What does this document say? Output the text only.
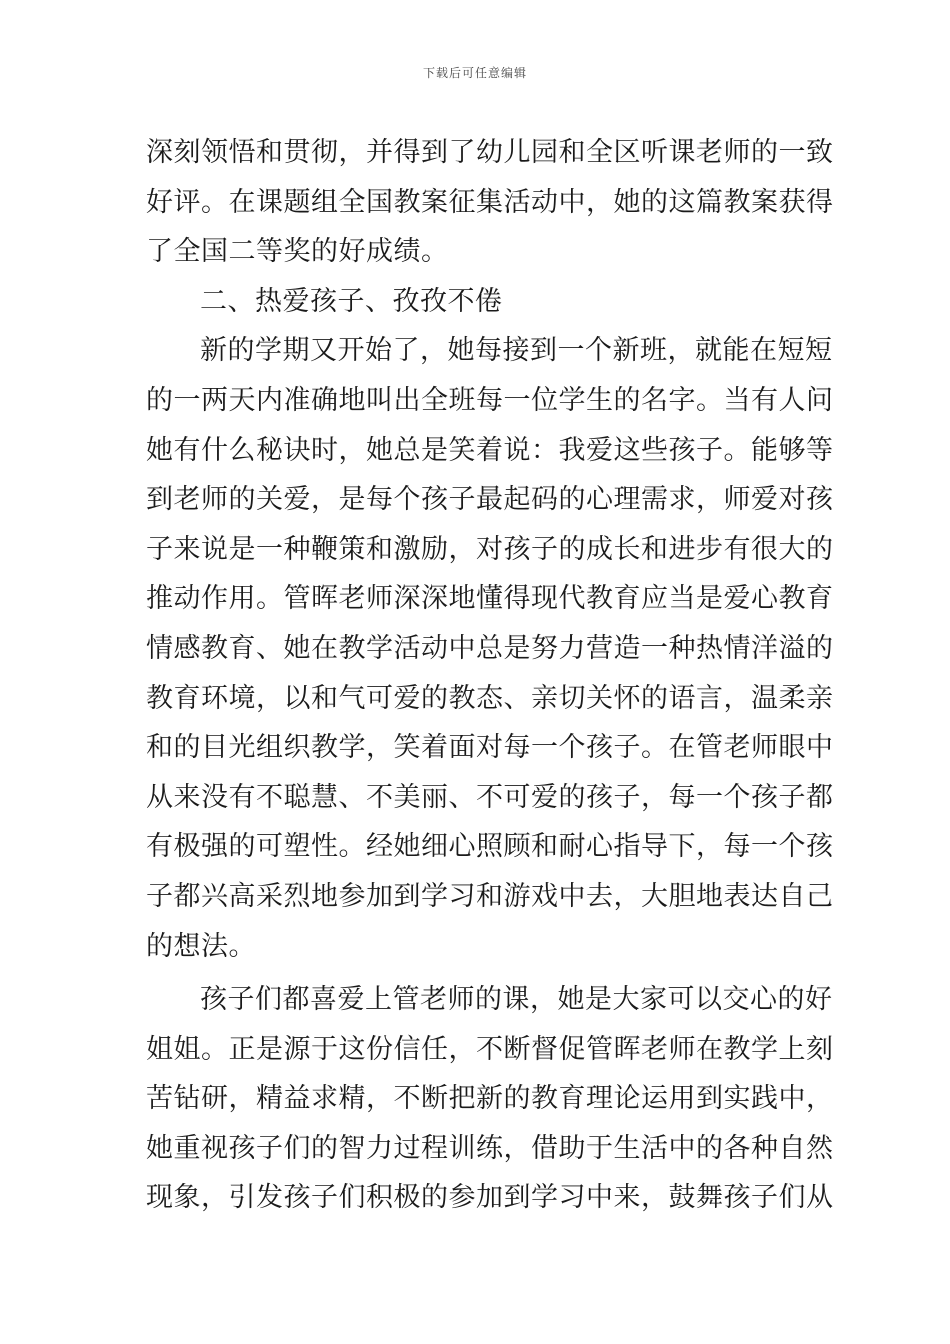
下载后可任意编辑
深刻领悟和贯彻，并得到了幼儿园和全区听课老师的一致
好评。在课题组全国教案征集活动中，她的这篇教案获得
了全国二等奖的好成绩。
二、热爱孩子、孜孜不倦
新的学期又开始了，她每接到一个新班，就能在短短
的一两天内准确地叫出全班每一位学生的名字。当有人问
她有什么秘诀时，她总是笑着说：我爱这些孩子。能够等
到老师的关爱，是每个孩子最起码的心理需求，师爱对孩
子来说是一种鞭策和激励，对孩子的成长和进步有很大的
推动作用。管晖老师深深地懂得现代教育应当是爱心教育
情感教育、她在教学活动中总是努力营造一种热情洋溢的
教育环境，以和气可爱的教态、亲切关怀的语言，温柔亲
和的目光组织教学，笑着面对每一个孩子。在管老师眼中
从来没有不聪慧、不美丽、不可爱的孩子，每一个孩子都
有极强的可塑性。经她细心照顾和耐心指导下，每一个孩
子都兴高采烈地参加到学习和游戏中去，大胆地表达自己
的想法。
孩子们都喜爱上管老师的课，她是大家可以交心的好
姐姐。正是源于这份信任，不断督促管晖老师在教学上刻
苦钻研，精益求精，不断把新的教育理论运用到实践中，
她重视孩子们的智力过程训练，借助于生活中的各种自然
现象，引发孩子们积极的参加到学习中来，鼓舞孩子们从
